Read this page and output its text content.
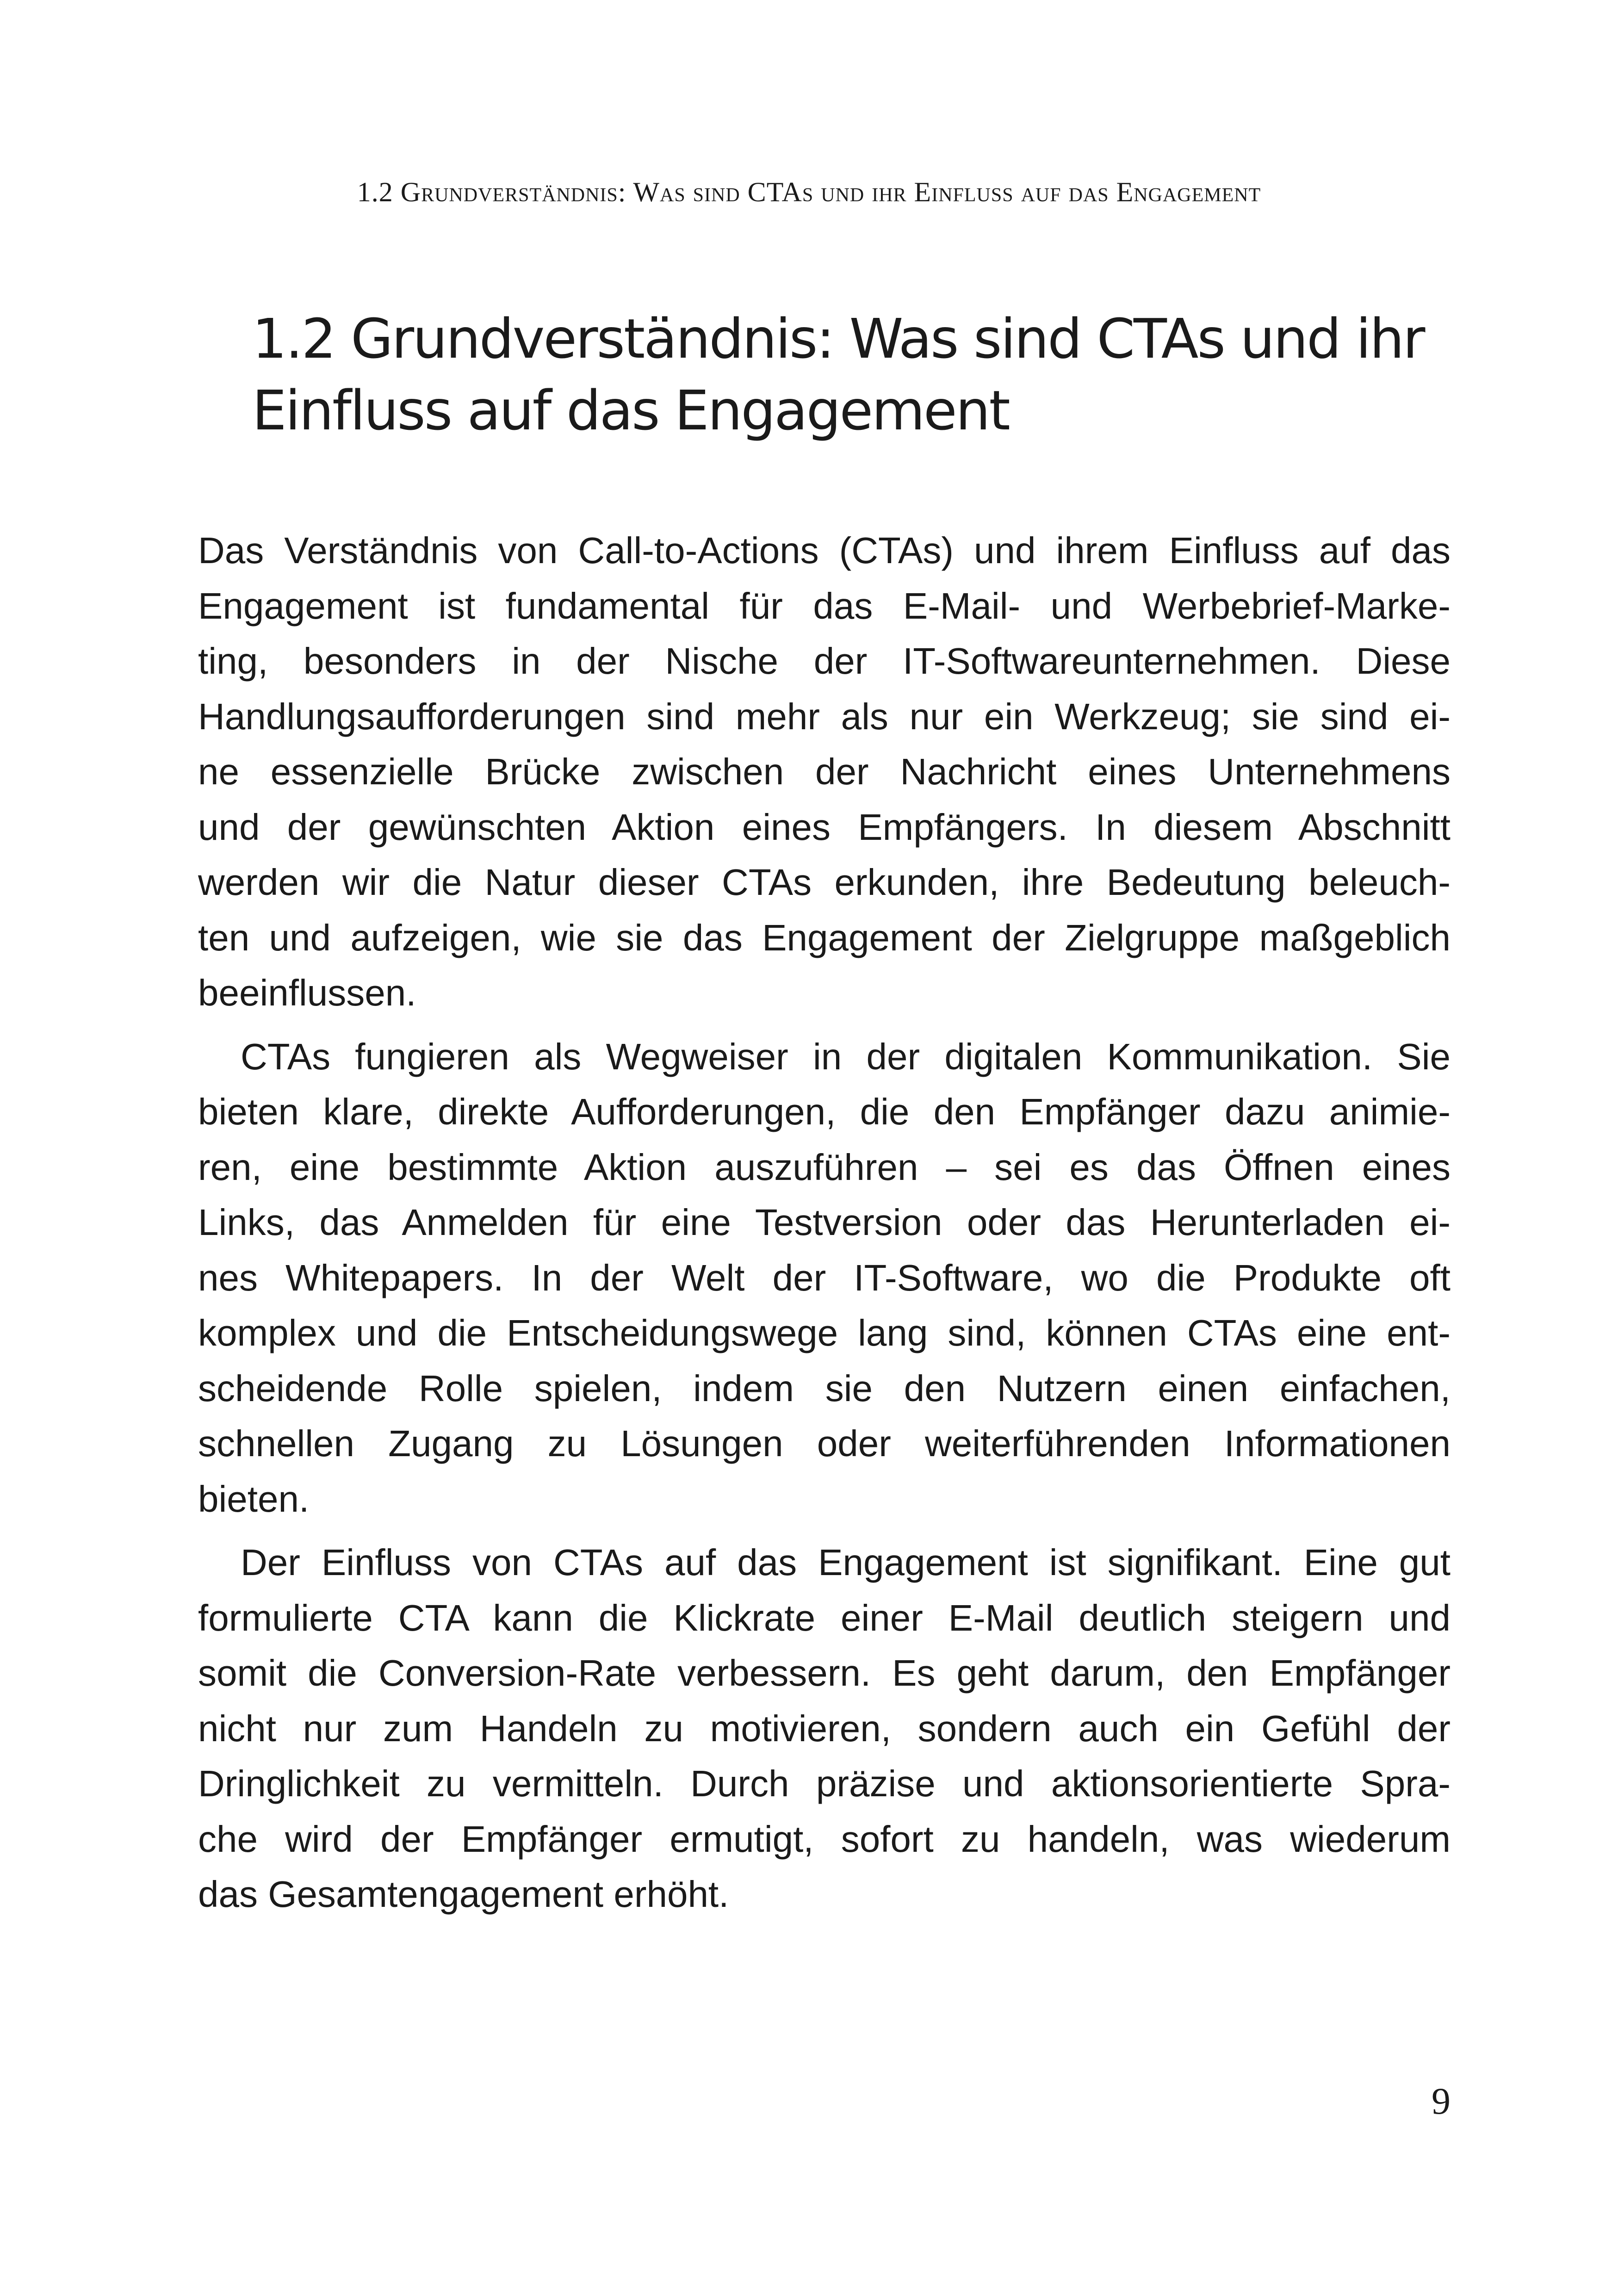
1.2 Grundverständnis: Was sind CTAs und ihr Einfluss auf das Engagement
1.2 Grundverständnis: Was sind CTAs und ihr
Einfluss auf das Engagement

Das Verständnis von Call-to-Actions (CTAs) und ihrem Einfluss auf das
Engagement ist fundamental für das E-Mail- und Werbebrief-Marke-
ting, besonders in der Nische der IT-Softwareunternehmen. Diese
Handlungsaufforderungen sind mehr als nur ein Werkzeug; sie sind ei-
ne essenzielle Brücke zwischen der Nachricht eines Unternehmens
und der gewünschten Aktion eines Empfängers. In diesem Abschnitt
werden wir die Natur dieser CTAs erkunden, ihre Bedeutung beleuch-
ten und aufzeigen, wie sie das Engagement der Zielgruppe maßgeblich
beeinflussen.

CTAs fungieren als Wegweiser in der digitalen Kommunikation. Sie
bieten klare, direkte Aufforderungen, die den Empfänger dazu animie-
ren, eine bestimmte Aktion auszuführen – sei es das Öffnen eines
Links, das Anmelden für eine Testversion oder das Herunterladen ei-
nes Whitepapers. In der Welt der IT-Software, wo die Produkte oft
komplex und die Entscheidungswege lang sind, können CTAs eine ent-
scheidende Rolle spielen, indem sie den Nutzern einen einfachen,
schnellen Zugang zu Lösungen oder weiterführenden Informationen
bieten.

Der Einfluss von CTAs auf das Engagement ist signifikant. Eine gut
formulierte CTA kann die Klickrate einer E-Mail deutlich steigern und
somit die Conversion-Rate verbessern. Es geht darum, den Empfänger
nicht nur zum Handeln zu motivieren, sondern auch ein Gefühl der
Dringlichkeit zu vermitteln. Durch präzise und aktionsorientierte Spra-
che wird der Empfänger ermutigt, sofort zu handeln, was wiederum
das Gesamtengagement erhöht.

9
